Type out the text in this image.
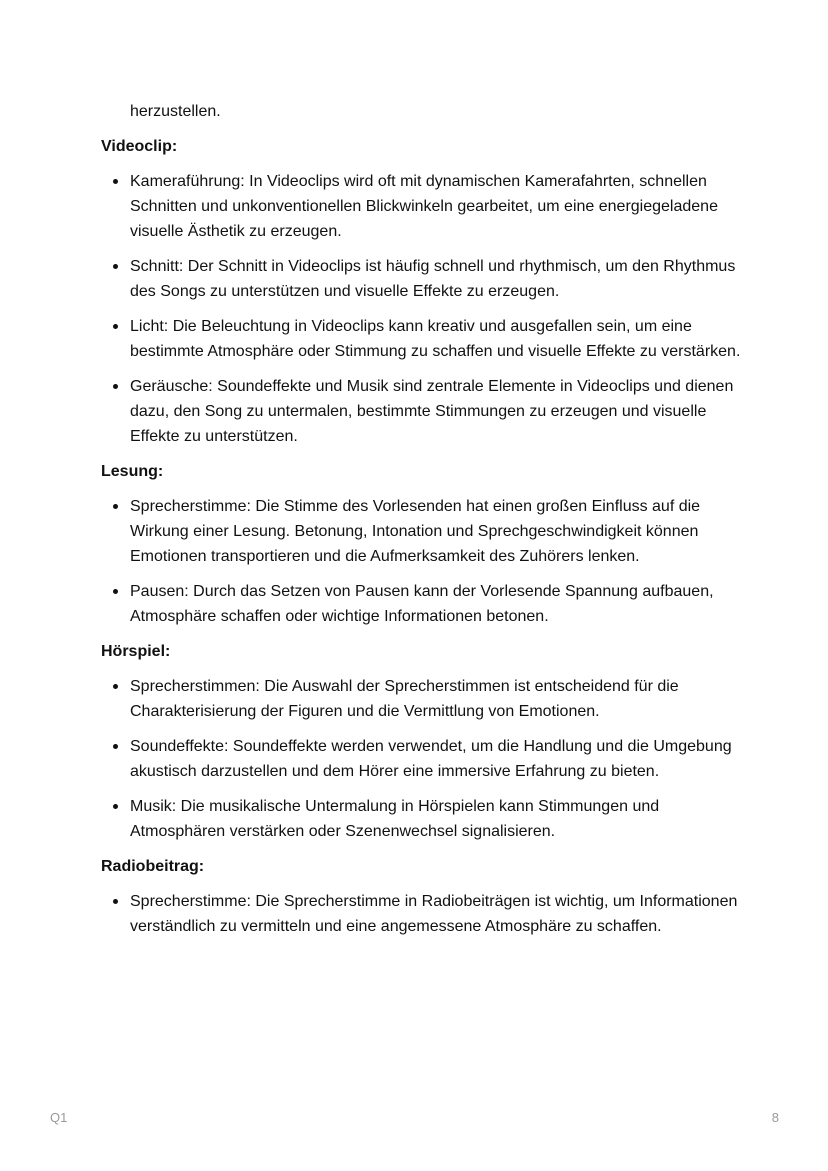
herzustellen.

Videoclip:

Kameraführung: In Videoclips wird oft mit dynamischen Kamerafahrten, schnellen Schnitten und unkonventionellen Blickwinkeln gearbeitet, um eine energiegeladene visuelle Ästhetik zu erzeugen.
Schnitt: Der Schnitt in Videoclips ist häufig schnell und rhythmisch, um den Rhythmus des Songs zu unterstützen und visuelle Effekte zu erzeugen.
Licht: Die Beleuchtung in Videoclips kann kreativ und ausgefallen sein, um eine bestimmte Atmosphäre oder Stimmung zu schaffen und visuelle Effekte zu verstärken.
Geräusche: Soundeffekte und Musik sind zentrale Elemente in Videoclips und dienen dazu, den Song zu untermalen, bestimmte Stimmungen zu erzeugen und visuelle Effekte zu unterstützen.

Lesung:

Sprecherstimme: Die Stimme des Vorlesenden hat einen großen Einfluss auf die Wirkung einer Lesung. Betonung, Intonation und Sprechgeschwindigkeit können Emotionen transportieren und die Aufmerksamkeit des Zuhörers lenken.
Pausen: Durch das Setzen von Pausen kann der Vorlesende Spannung aufbauen, Atmosphäre schaffen oder wichtige Informationen betonen.

Hörspiel:

Sprecherstimmen: Die Auswahl der Sprecherstimmen ist entscheidend für die Charakterisierung der Figuren und die Vermittlung von Emotionen.
Soundeffekte: Soundeffekte werden verwendet, um die Handlung und die Umgebung akustisch darzustellen und dem Hörer eine immersive Erfahrung zu bieten.
Musik: Die musikalische Untermalung in Hörspielen kann Stimmungen und Atmosphären verstärken oder Szenenwechsel signalisieren.

Radiobeitrag:

Sprecherstimme: Die Sprecherstimme in Radiobeiträgen ist wichtig, um Informationen verständlich zu vermitteln und eine angemessene Atmosphäre zu schaffen.
Q1	8
